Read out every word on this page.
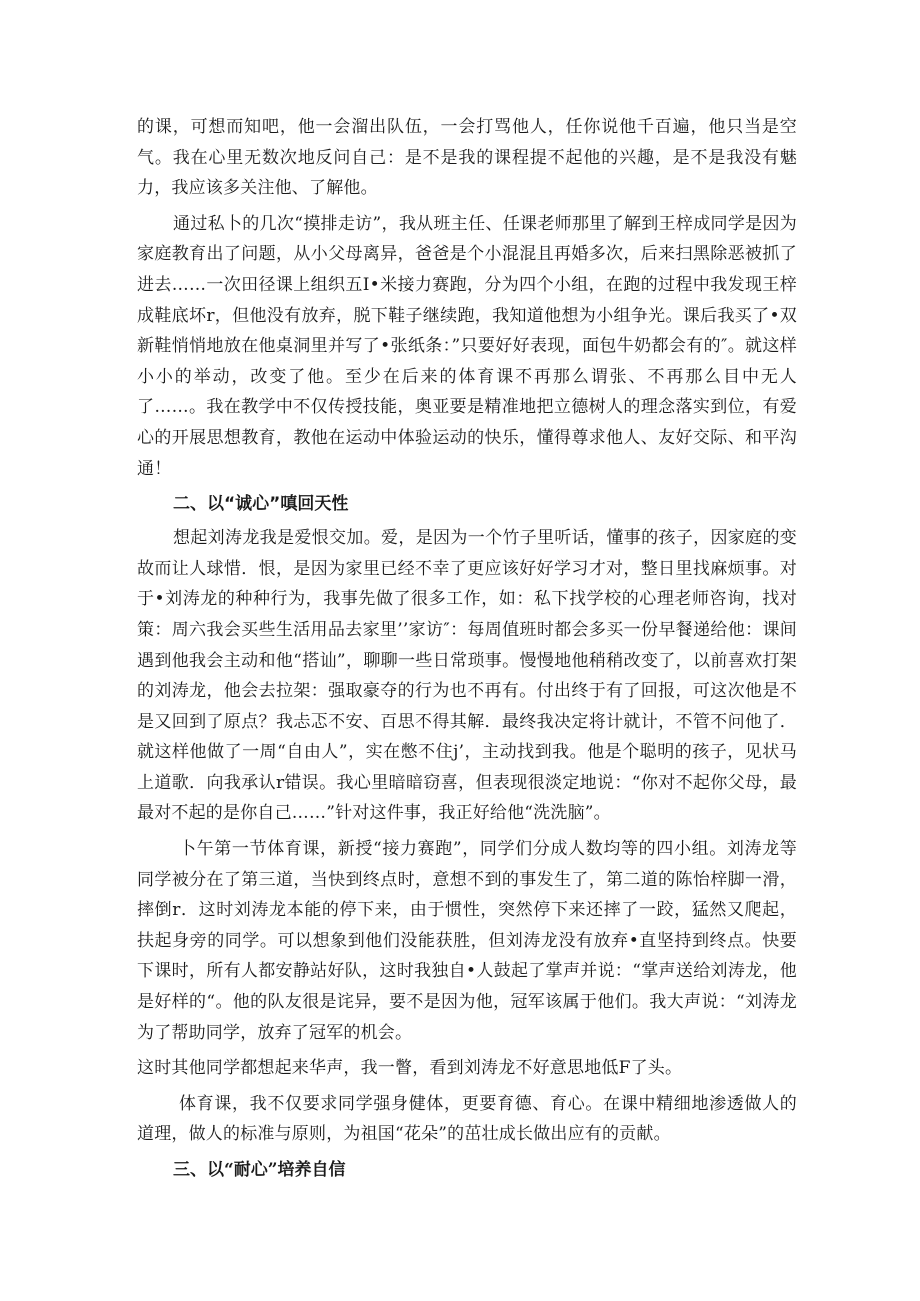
的课，可想而知吧，他一会溜出队伍，一会打骂他人，任你说他千百遍，他只当是空气。我在心里无数次地反问自己：是不是我的课程提不起他的兴趣，是不是我没有魅力，我应该多关注他、了解他。

通过私卜的几次“摸排走访”，我从班主任、任课老师那里了解到王梓成同学是因为家庭教育出了问题，从小父母离异，爸爸是个小混混且再婚多次，后来扫黑除恶被抓了进去……一次田径课上组织五I•米接力赛跑，分为四个小组，在跑的过程中我发现王梓成鞋底坏r，但他没有放弃，脱下鞋子继续跑，我知道他想为小组争光。课后我买了•双新鞋悄悄地放在他桌洞里并写了•张纸条：”只要好好表现，面包牛奶都会有的″。就这样小小的举动，改变了他。至少在后来的体育课不再那么谓张、不再那么目中无人了……。我在教学中不仅传授技能，奥亚要是精准地把立德树人的理念落实到位，有爱心的开展思想教育，教他在运动中体验运动的快乐，懂得尊求他人、友好交际、和平沟通！

二、以“诚心”嗔回天性

想起刘涛龙我是爱恨交加。爱，是因为一个竹子里听话，懂事的孩子，因家庭的变故而让人球惜．恨，是因为家里已经不幸了更应该好好学习才对，整日里找麻烦事。对于•刘涛龙的种种行为，我事先做了很多工作，如：私下找学校的心理老师咨询，找对策：周六我会买些生活用品去家里’’家访″：每周值班时都会多买一份早餐递给他：课间遇到他我会主动和他“搭讪”，聊聊一些日常琐事。慢慢地他稍稍改变了，以前喜欢打架的刘涛龙，他会去拉架：强取豪夺的行为也不再有。付出终于有了回报，可这次他是不是又回到了原点？我忐忑不安、百思不得其解．最终我决定将计就计，不管不问他了．就这样他做了一周“自由人”，实在憋不住j’，主动找到我。他是个聪明的孩子，见状马上道歌．向我承认r错误。我心里暗暗窃喜，但表现很淡定地说：“你对不起你父母，最最对不起的是你自己……”针对这件事，我正好给他“洗洗脑”。

卜午第一节体育课，新授“接力赛跑”，同学们分成人数均等的四小组。刘涛龙等同学被分在了第三道，当快到终点时，意想不到的事发生了，第二道的陈怡梓脚一滑，摔倒r．这时刘涛龙本能的停下来，由于惯性，突然停下来还摔了一跤，猛然又爬起，扶起身旁的同学。可以想象到他们没能获胜，但刘涛龙没有放弃•直坚持到终点。快要下课时，所有人都安静站好队，这时我独自•人鼓起了掌声并说：“掌声送给刘涛龙，他是好样的“。他的队友很是诧异，要不是因为他，冠军该属于他们。我大声说：“刘涛龙为了帮助同学，放弃了冠军的机会。

这时其他同学都想起来华声，我一瞥，看到刘涛龙不好意思地低F了头。

体育课，我不仅要求同学强身健体，更要育德、育心。在课中精细地渗透做人的道理，做人的标准与原则，为祖国“花朵”的茁壮成长做出应有的贡献。

三、以“耐心”培养自信
